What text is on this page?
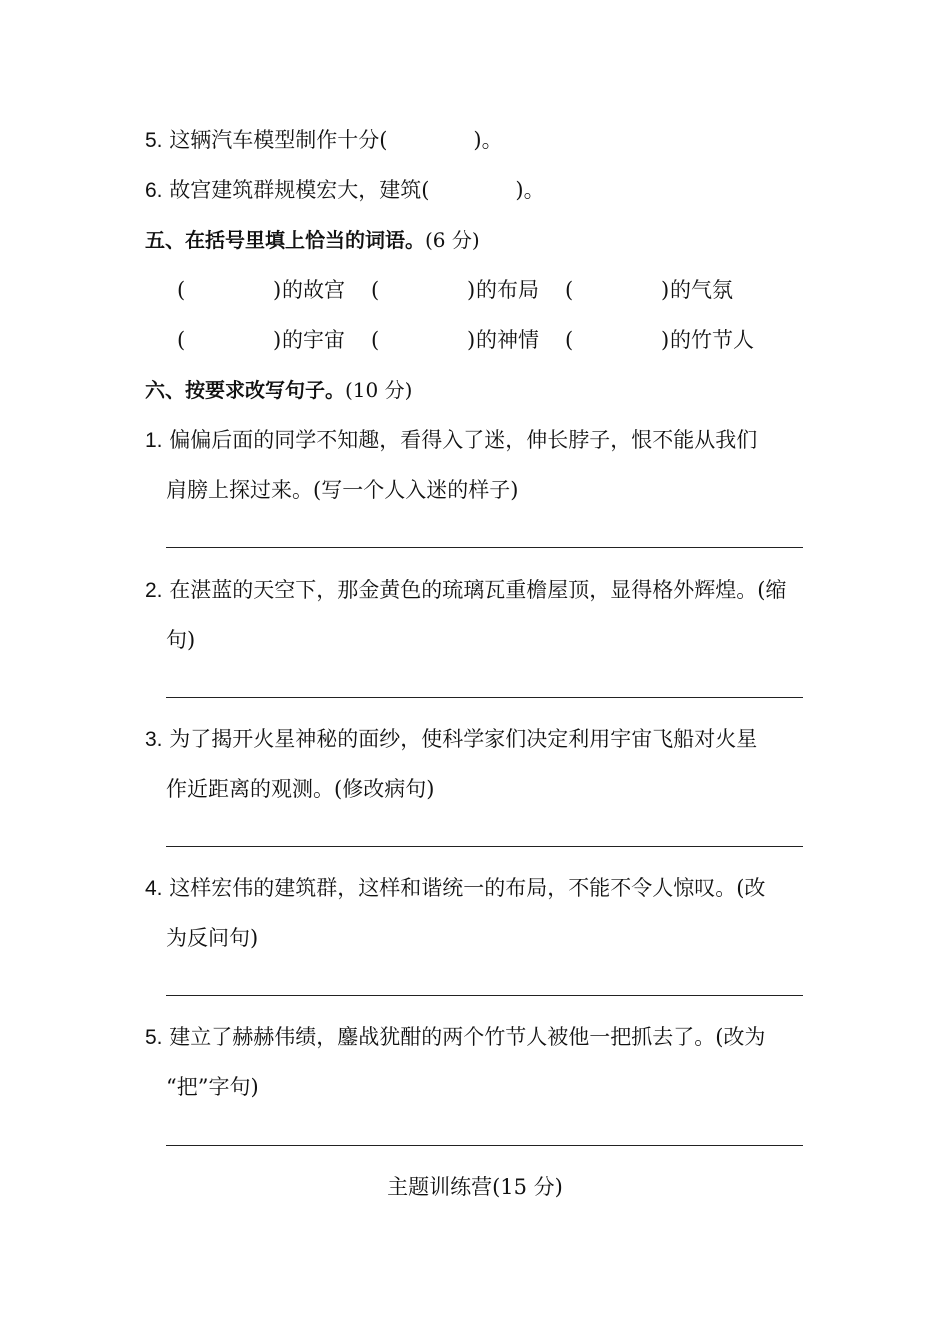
5. 这辆汽车模型制作十分(	)。
6. 故宫建筑群规模宏大，建筑(	)。
五、在括号里填上恰当的词语。(6 分)
(	) 的故宫 (	) 的布局 (	) 的气氛
(	) 的宇宙 (	) 的神情 (	) 的竹节人
六、按要求改写句子。(10 分)
1. 偏偏后面的同学不知趣，看得入了迷，伸长脖子，恨不能从我们
肩膀上探过来。(写一个人入迷的样子)
2. 在湛蓝的天空下，那金黄色的琉璃瓦重檐屋顶，显得格外辉煌。(缩
句)
3. 为了揭开火星神秘的面纱，使科学家们决定利用宇宙飞船对火星
作近距离的观测。(修改病句)
4. 这样宏伟的建筑群，这样和谐统一的布局，不能不令人惊叹。(改
为反问句)
5. 建立了赫赫伟绩，鏖战犹酣的两个竹节人被他一把抓去了。(改为
“把”字句)
主题训练营(15 分)
